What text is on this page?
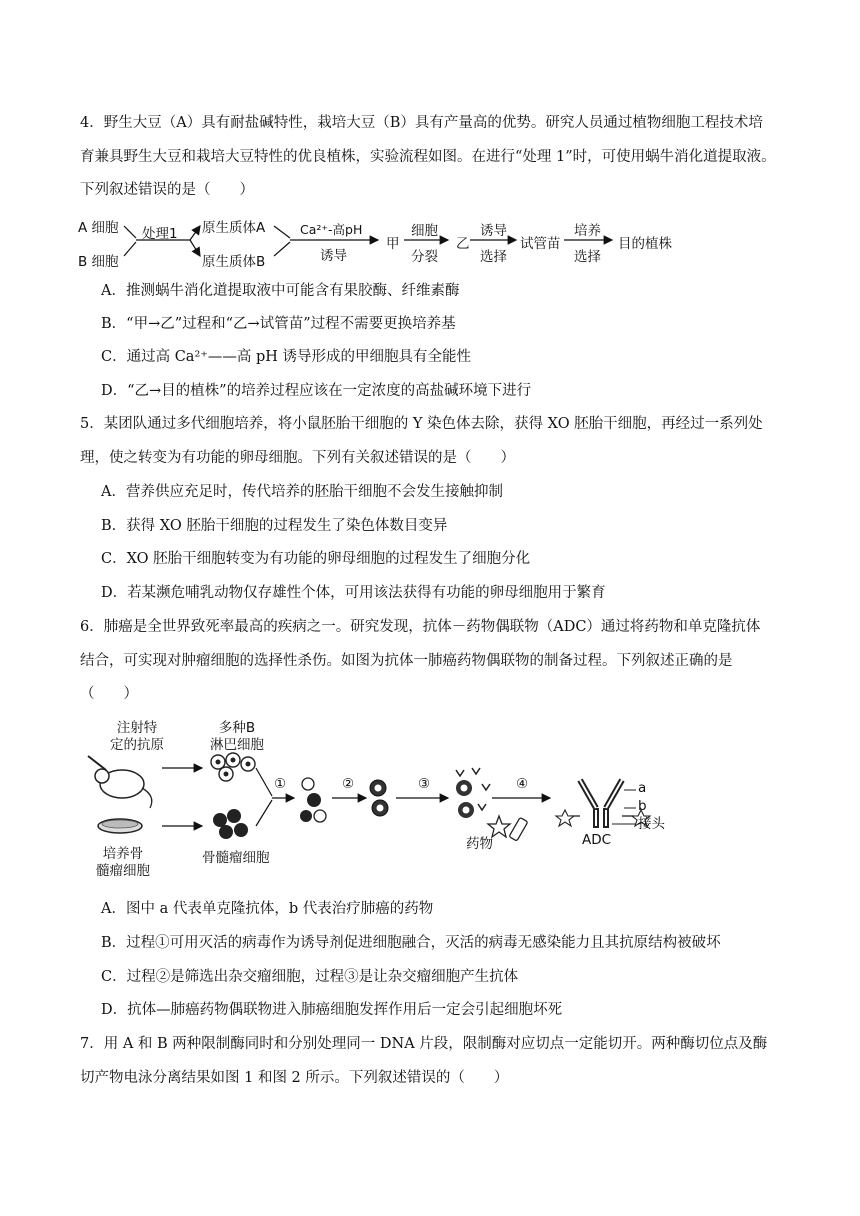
4．野生大豆（A）具有耐盐碱特性，栽培大豆（B）具有产量高的优势。研究人员通过植物细胞工程技术培
育兼具野生大豆和栽培大豆特性的优良植株，实验流程如图。在进行“处理 1”时，可使用蜗牛消化道提取液。
下列叙述错误的是（　　）
A 细胞
B 细胞
处理1 原生质体A
原生质体B
Ca²⁺-高pH
诱导
甲
细胞
分裂
乙
诱导
选择
试管苗
培养
选择
目的植株
A．推测蜗牛消化道提取液中可能含有果胶酶、纤维素酶
B．“甲→乙”过程和“乙→试管苗”过程不需要更换培养基
C．通过高 Ca²⁺——高 pH 诱导形成的甲细胞具有全能性
D．“乙→目的植株”的培养过程应该在一定浓度的高盐碱环境下进行
5．某团队通过多代细胞培养，将小鼠胚胎干细胞的 Y 染色体去除，获得 XO 胚胎干细胞，再经过一系列处
理，使之转变为有功能的卵母细胞。下列有关叙述错误的是（　　）
A．营养供应充足时，传代培养的胚胎干细胞不会发生接触抑制
B．获得 XO 胚胎干细胞的过程发生了染色体数目变异
C．XO 胚胎干细胞转变为有功能的卵母细胞的过程发生了细胞分化
D．若某濒危哺乳动物仅存雄性个体，可用该法获得有功能的卵母细胞用于繁育
6．肺癌是全世界致死率最高的疾病之一。研究发现，抗体－药物偶联物（ADC）通过将药物和单克隆抗体
结合，可实现对肿瘤细胞的选择性杀伤。如图为抗体一肺癌药物偶联物的制备过程。下列叙述正确的是
（　　）
注射特
定的抗原
多种B
淋巴细胞
培养骨
髓瘤细胞
骨髓瘤细胞
①	②	③	④
药物
a
b
接头
ADC
A．图中 a 代表单克隆抗体，b 代表治疗肺癌的药物
B．过程①可用灭活的病毒作为诱导剂促进细胞融合，灭活的病毒无感染能力且其抗原结构被破坏
C．过程②是筛选出杂交瘤细胞，过程③是让杂交瘤细胞产生抗体
D．抗体—肺癌药物偶联物进入肺癌细胞发挥作用后一定会引起细胞坏死
7．用 A 和 B 两种限制酶同时和分别处理同一 DNA 片段，限制酶对应切点一定能切开。两种酶切位点及酶
切产物电泳分离结果如图 1 和图 2 所示。下列叙述错误的（　　）
